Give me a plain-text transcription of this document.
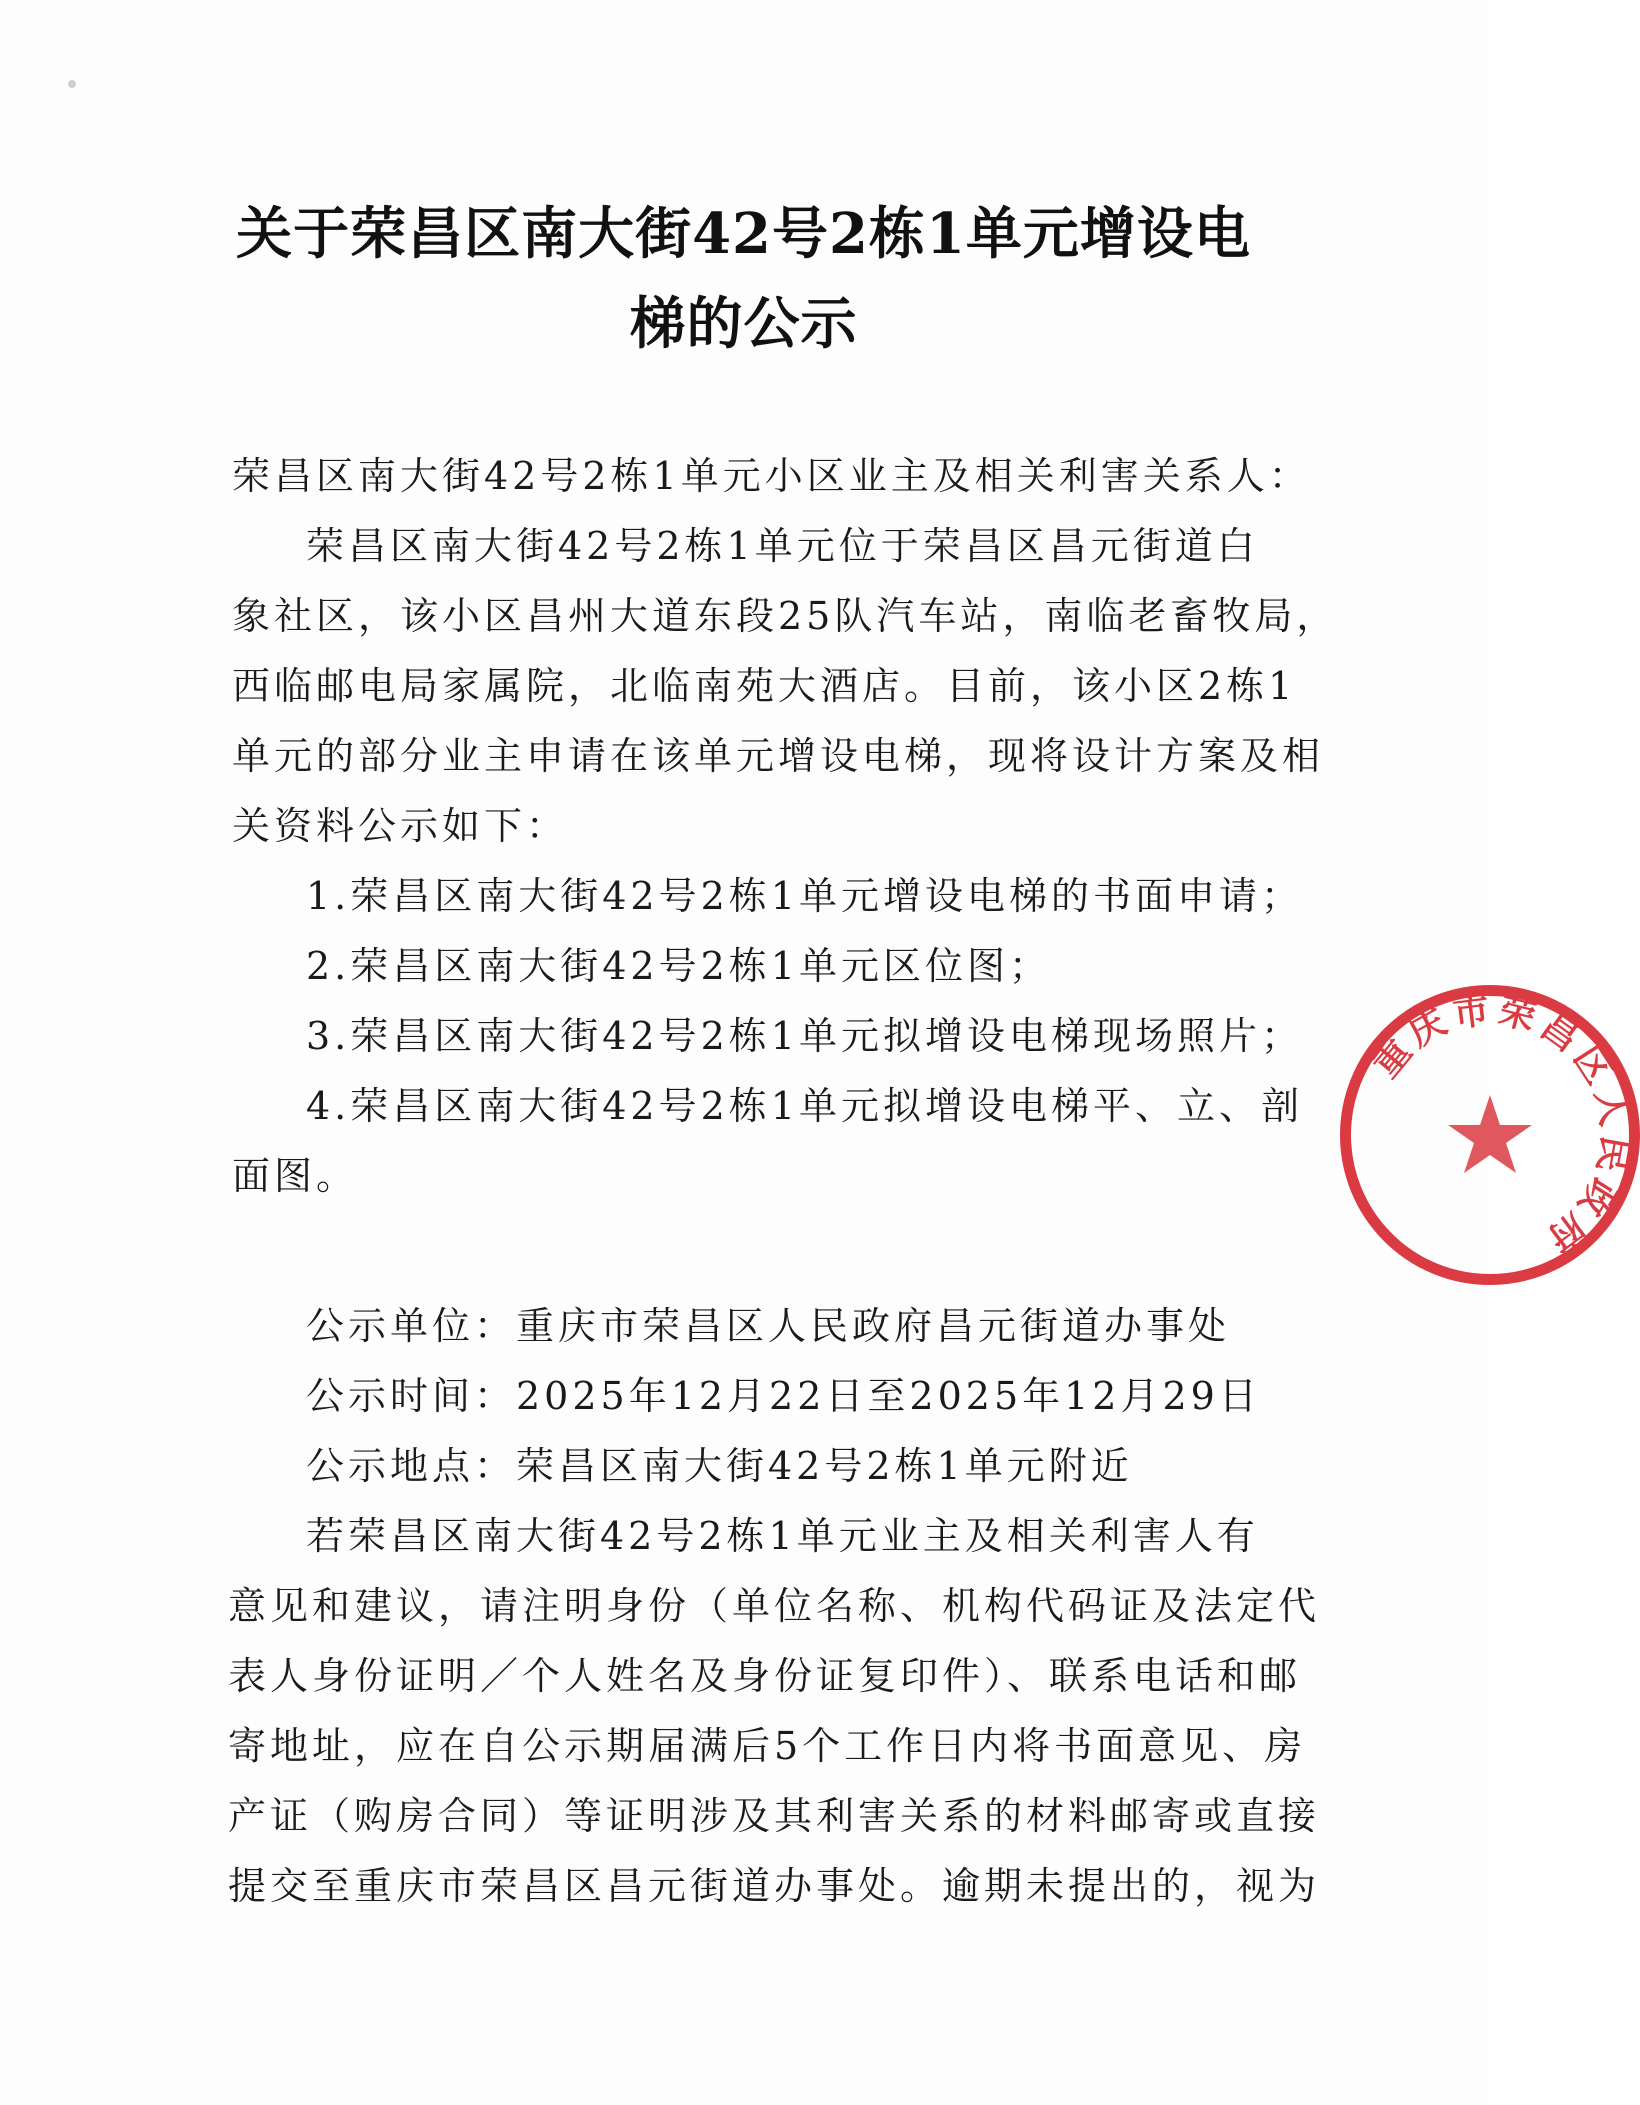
关于荣昌区南大街42号2栋1单元增设电
梯的公示
荣昌区南大街42号2栋1单元小区业主及相关利害关系人：
荣昌区南大街42号2栋1单元位于荣昌区昌元街道白
象社区，该小区昌州大道东段25队汽车站，南临老畜牧局，
西临邮电局家属院，北临南苑大酒店。目前，该小区2栋1
单元的部分业主申请在该单元增设电梯，现将设计方案及相
关资料公示如下：
1.荣昌区南大街42号2栋1单元增设电梯的书面申请；
2.荣昌区南大街42号2栋1单元区位图；
3.荣昌区南大街42号2栋1单元拟增设电梯现场照片；
4.荣昌区南大街42号2栋1单元拟增设电梯平、立、剖
面图。
公示单位：重庆市荣昌区人民政府昌元街道办事处
公示时间：2025年12月22日至2025年12月29日
公示地点：荣昌区南大街42号2栋1单元附近
若荣昌区南大街42号2栋1单元业主及相关利害人有
意见和建议，请注明身份（单位名称、机构代码证及法定代
表人身份证明／个人姓名及身份证复印件）、联系电话和邮
寄地址，应在自公示期届满后5个工作日内将书面意见、房
产证（购房合同）等证明涉及其利害关系的材料邮寄或直接
提交至重庆市荣昌区昌元街道办事处。逾期未提出的，视为
重庆市荣昌区人民政府
